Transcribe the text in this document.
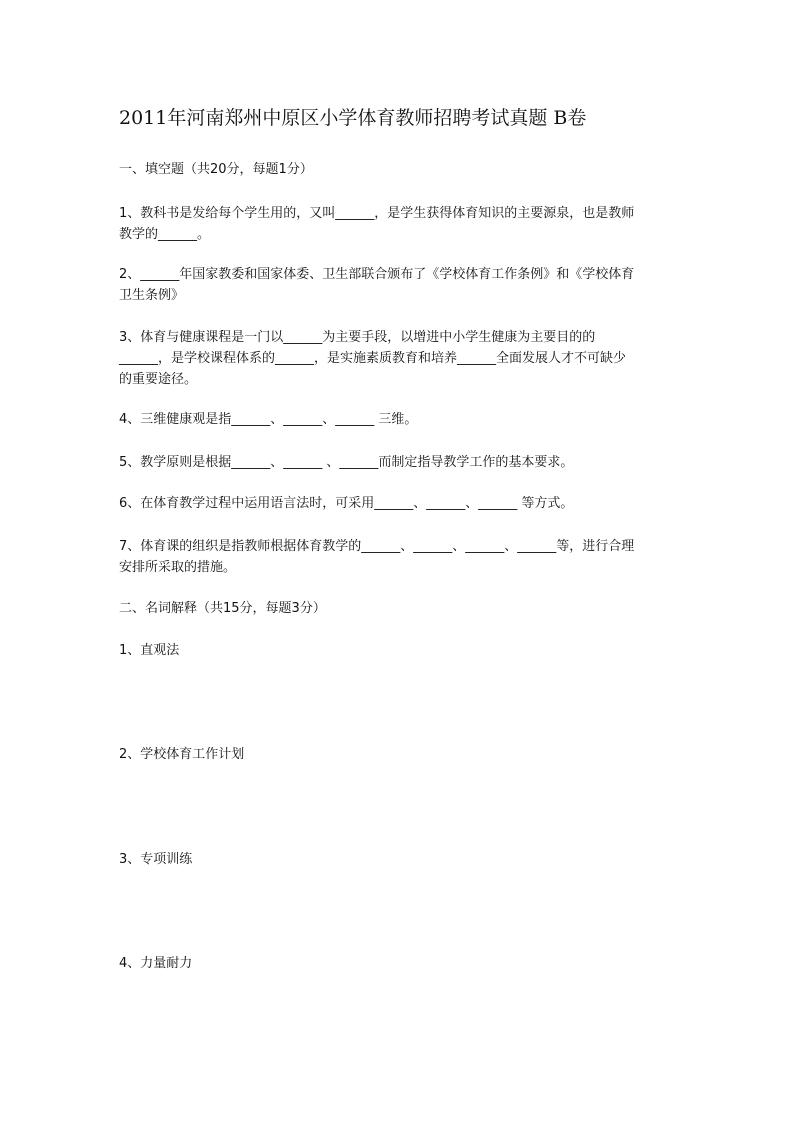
2011年河南郑州中原区小学体育教师招聘考试真题 B卷
一、填空题（共20分，每题1分）
1、教科书是发给每个学生用的，又叫______，是学生获得体育知识的主要源泉，也是教师
教学的______。
2、______年国家教委和国家体委、卫生部联合颁布了《学校体育工作条例》和《学校体育
卫生条例》
3、体育与健康课程是一门以______为主要手段，以增进中小学生健康为主要目的的
______，是学校课程体系的______，是实施素质教育和培养______全面发展人才不可缺少
的重要途径。
4、三维健康观是指______、______、______ 三维。
5、教学原则是根据______、______ 、______而制定指导教学工作的基本要求。
6、在体育教学过程中运用语言法时，可采用______、______、______ 等方式。
7、体育课的组织是指教师根据体育教学的______、______、______、______等，进行合理
安排所采取的措施。
二、名词解释（共15分，每题3分）
1、直观法
2、学校体育工作计划
3、专项训练
4、力量耐力
